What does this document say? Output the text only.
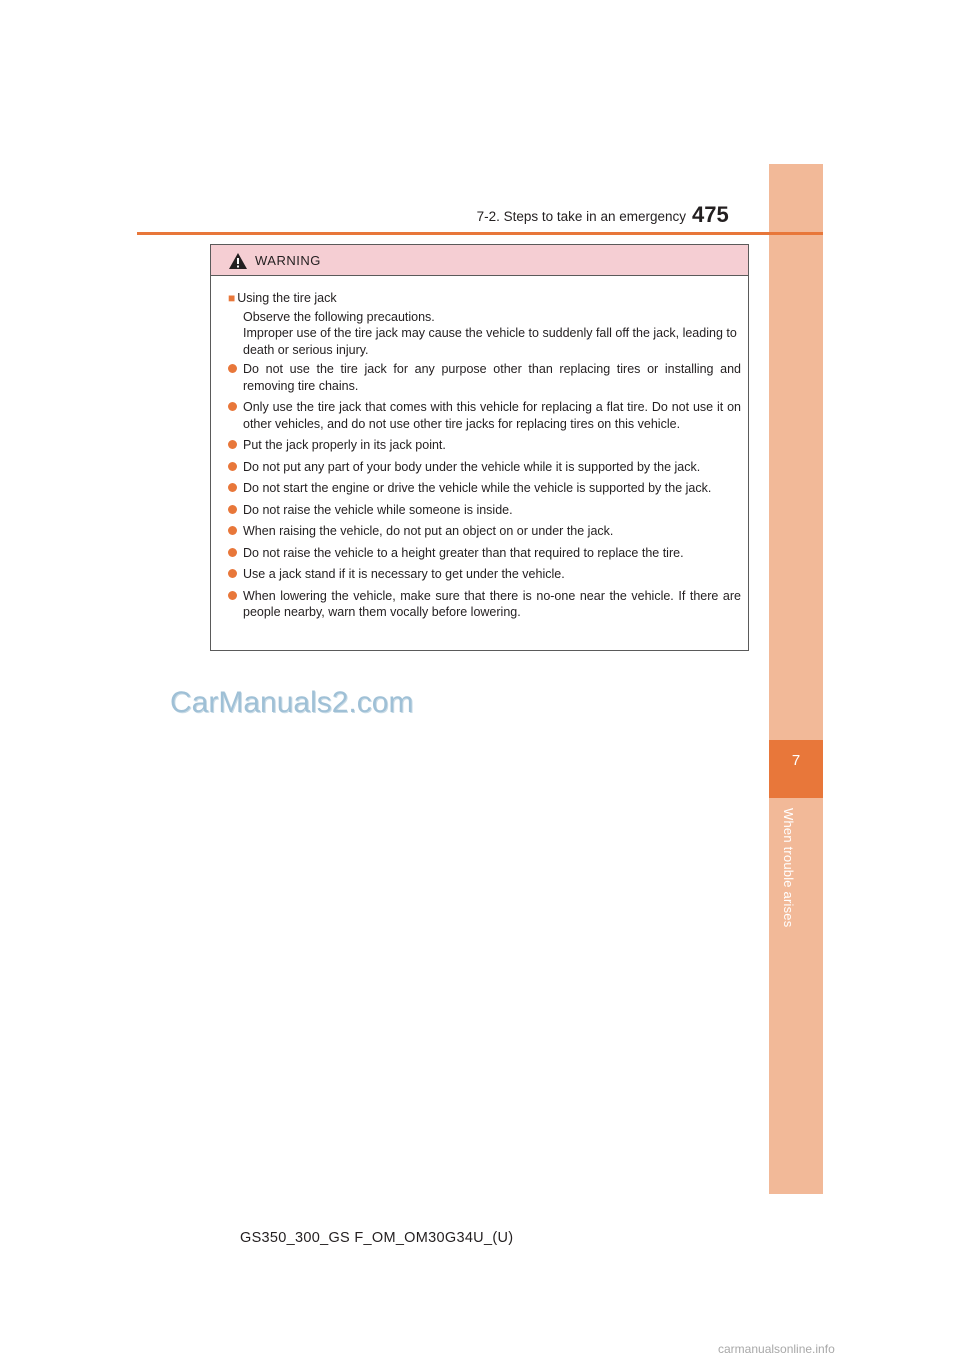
7
When trouble arises
7-2. Steps to take in an emergency 475
WARNING
■ Using the tire jack
Observe the following precautions.
Improper use of the tire jack may cause the vehicle to suddenly fall off the jack, leading to death or serious injury.
Do not use the tire jack for any purpose other than replacing tires or installing and removing tire chains.
Only use the tire jack that comes with this vehicle for replacing a flat tire. Do not use it on other vehicles, and do not use other tire jacks for replacing tires on this vehicle.
Put the jack properly in its jack point.
Do not put any part of your body under the vehicle while it is supported by the jack.
Do not start the engine or drive the vehicle while the vehicle is supported by the jack.
Do not raise the vehicle while someone is inside.
When raising the vehicle, do not put an object on or under the jack.
Do not raise the vehicle to a height greater than that required to replace the tire.
Use a jack stand if it is necessary to get under the vehicle.
When lowering the vehicle, make sure that there is no-one near the vehicle. If there are people nearby, warn them vocally before lowering.
CarManuals2.com
GS350_300_GS F_OM_OM30G34U_(U)
carmanualsonline.info
